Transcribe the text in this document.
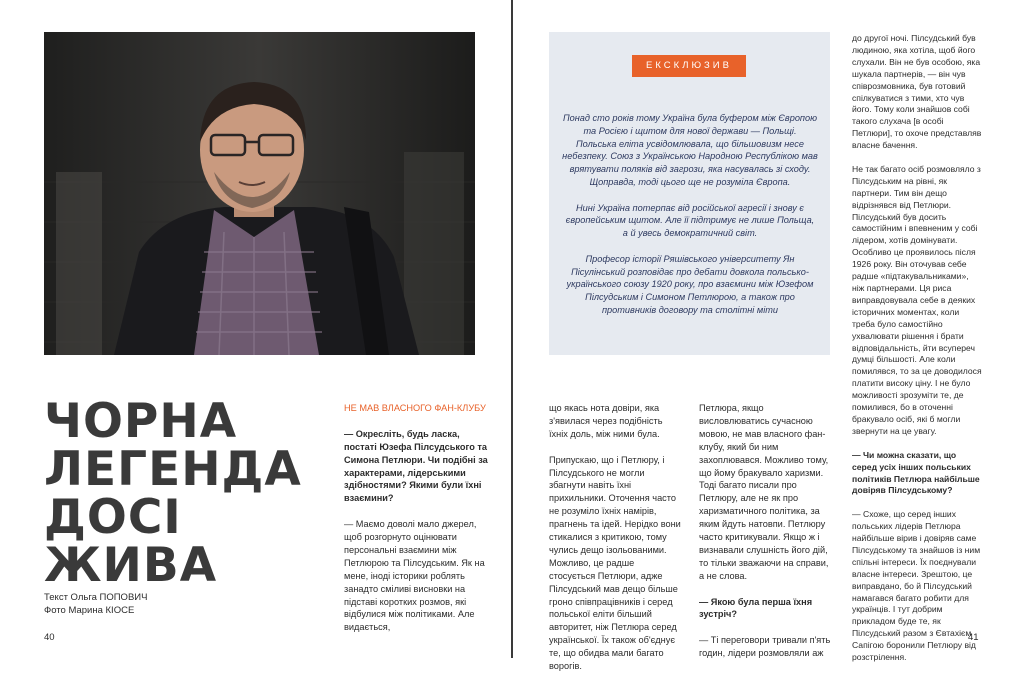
ЧОРНА
ЛЕГЕНДА
ДОСІ
ЖИВА
Текст Ольга ПОПОВИЧ
Фото Марина КІОСЕ
40
НЕ МАВ ВЛАСНОГО ФАН-КЛУБУ

— Окресліть, будь ласка, постаті Юзефа Пілсудського та Симона Петлюри. Чи подібні за характерами, лідерськими здібностями? Якими були їхні взаємини?

— Маємо доволі мало джерел, щоб розгорнуто оцінювати персональні взаємини між Петлюрою та Пілсудським. Як на мене, іноді історики роблять занадто сміливі висновки на підставі коротких розмов, які відбулися між політиками. Але видається,

що якась нота довіри, яка з'явилася через подібність їхніх доль, між ними була.

Припускаю, що і Петлюру, і Пілсудського не могли збагнути навіть їхні прихильники. Оточення часто не розуміло їхніх намірів, прагнень та ідей. Нерідко вони стикалися з критикою, тому чулись дещо ізольованими. Можливо, це радше стосується Петлюри, адже Пілсудський мав дещо більше гроно співпрацівників і серед польської еліти більший авторитет, ніж Петлюра серед української. Їх також об'єднує те, що обидва мали багато ворогів.

Петлюра, якщо висловлюватись сучасною мовою, не мав власного фан-клубу, який би ним захоплювався. Можливо тому, що йому бракувало харизми. Тоді багато писали про Петлюру, але не як про харизматичного політика, за яким йдуть натовпи. Петлюру часто критикували. Якщо ж і визнавали слушність його дій, то тільки зважаючи на справи, а не слова.

— Якою була перша їхня зустріч?

— Ті переговори тривали п'ять годин, лідери розмовляли аж

ЕКСКЛЮЗИВ

Понад сто років тому Україна була буфером між Європою та Росією і щитом для нової держави — Польщі. Польська еліта усвідомлювала, що більшовизм несе небезпеку. Союз з Українською Народною Республікою мав врятувати поляків від загрози, яка насувалась зі сходу. Щоправда, тоді цього ще не розуміла Європа.

Нині Україна потерпає від російської агресії і знову є європейським щитом. Але її підтримує не лише Польща, а й увесь демократичний світ.

Професор історії Ряшівського університету Ян Пісулінський розповідає про дебати довкола польсько-українського союзу 1920 року, про взаємини між Юзефом Пілсудським і Симоном Петлюрою, а також про противників договору та столітні міти

до другої ночі. Пілсудський був людиною, яка хотіла, щоб його слухали. Він не був особою, яка шукала партнерів, — він чув співрозмовника, був готовий спілкуватися з тими, хто чув його. Тому коли знайшов собі такого слухача [в особі Петлюри], то охоче представляв власне бачення.

Не так багато осіб розмовляло з Пілсудським на рівні, як партнери. Тим він дещо відрізнявся від Петлюри. Пілсудський був досить самостійним і впевненим у собі лідером, хотів домінувати. Особливо це проявилось після 1926 року. Він оточував себе радше «підтакувальниками», ніж партнерами. Ця риса виправдовувала себе в деяких історичних моментах, коли треба було самостійно ухвалювати рішення і брати відповідальність, йти всупереч думці більшості. Але коли помилявся, то за це доводилося платити високу ціну. І не було можливості зрозуміти те, де помилився, бо в оточенні бракувало осіб, які б могли звернути на це увагу.

— Чи можна сказати, що серед усіх інших польських політиків Петлюра найбільше довіряв Пілсудському?

— Схоже, що серед інших польських лідерів Петлюра найбільше вірив і довіряв саме Пілсудському та знайшов із ним спільні інтереси. Їх поєднували власне інтереси. Зрештою, це виправдано, бо й Пілсудський намагався багато робити для українців. І тут добрим прикладом буде те, як Пілсудський разом з Євтахієм Сапігою боронили Петлюру від розстрілення.

41
